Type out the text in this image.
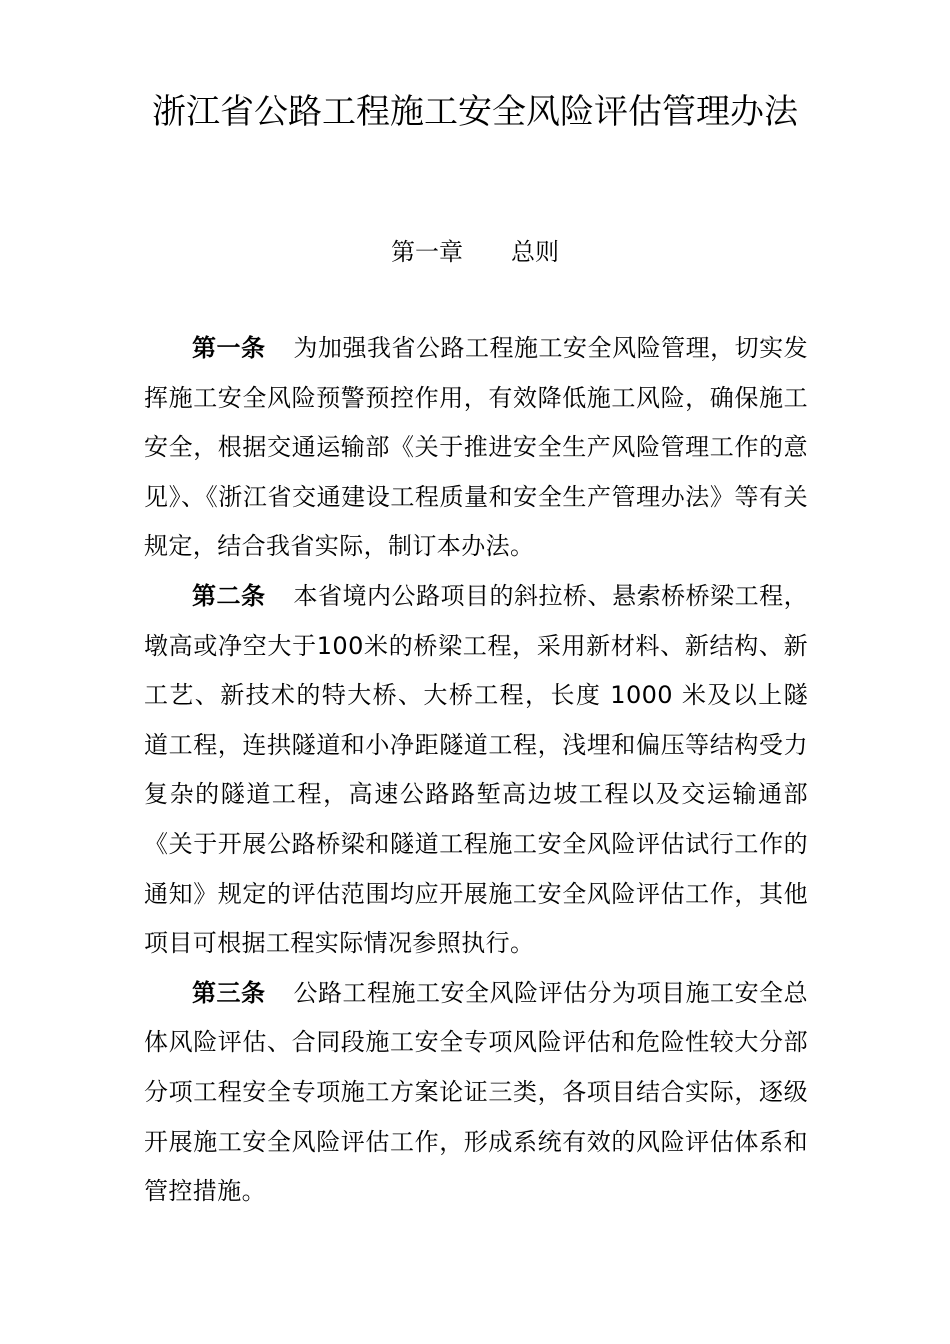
浙江省公路工程施工安全风险评估管理办法
第一章　　总则

第一条 为加强我省公路工程施工安全风险管理，切实发挥施工安全风险预警预控作用，有效降低施工风险，确保施工安全，根据交通运输部《关于推进安全生产风险管理工作的意见》、《浙江省交通建设工程质量和安全生产管理办法》等有关规定，结合我省实际，制订本办法。

第二条 本省境内公路项目的斜拉桥、悬索桥桥梁工程，墩高或净空大于100米的桥梁工程，采用新材料、新结构、新工艺、新技术的特大桥、大桥工程，长度 1000 米及以上隧道工程，连拱隧道和小净距隧道工程，浅埋和偏压等结构受力复杂的隧道工程，高速公路路堑高边坡工程以及交运输通部《关于开展公路桥梁和隧道工程施工安全风险评估试行工作的通知》规定的评估范围均应开展施工安全风险评估工作，其他项目可根据工程实际情况参照执行。

第三条 公路工程施工安全风险评估分为项目施工安全总体风险评估、合同段施工安全专项风险评估和危险性较大分部分项工程安全专项施工方案论证三类，各项目结合实际，逐级开展施工安全风险评估工作，形成系统有效的风险评估体系和管控措施。
